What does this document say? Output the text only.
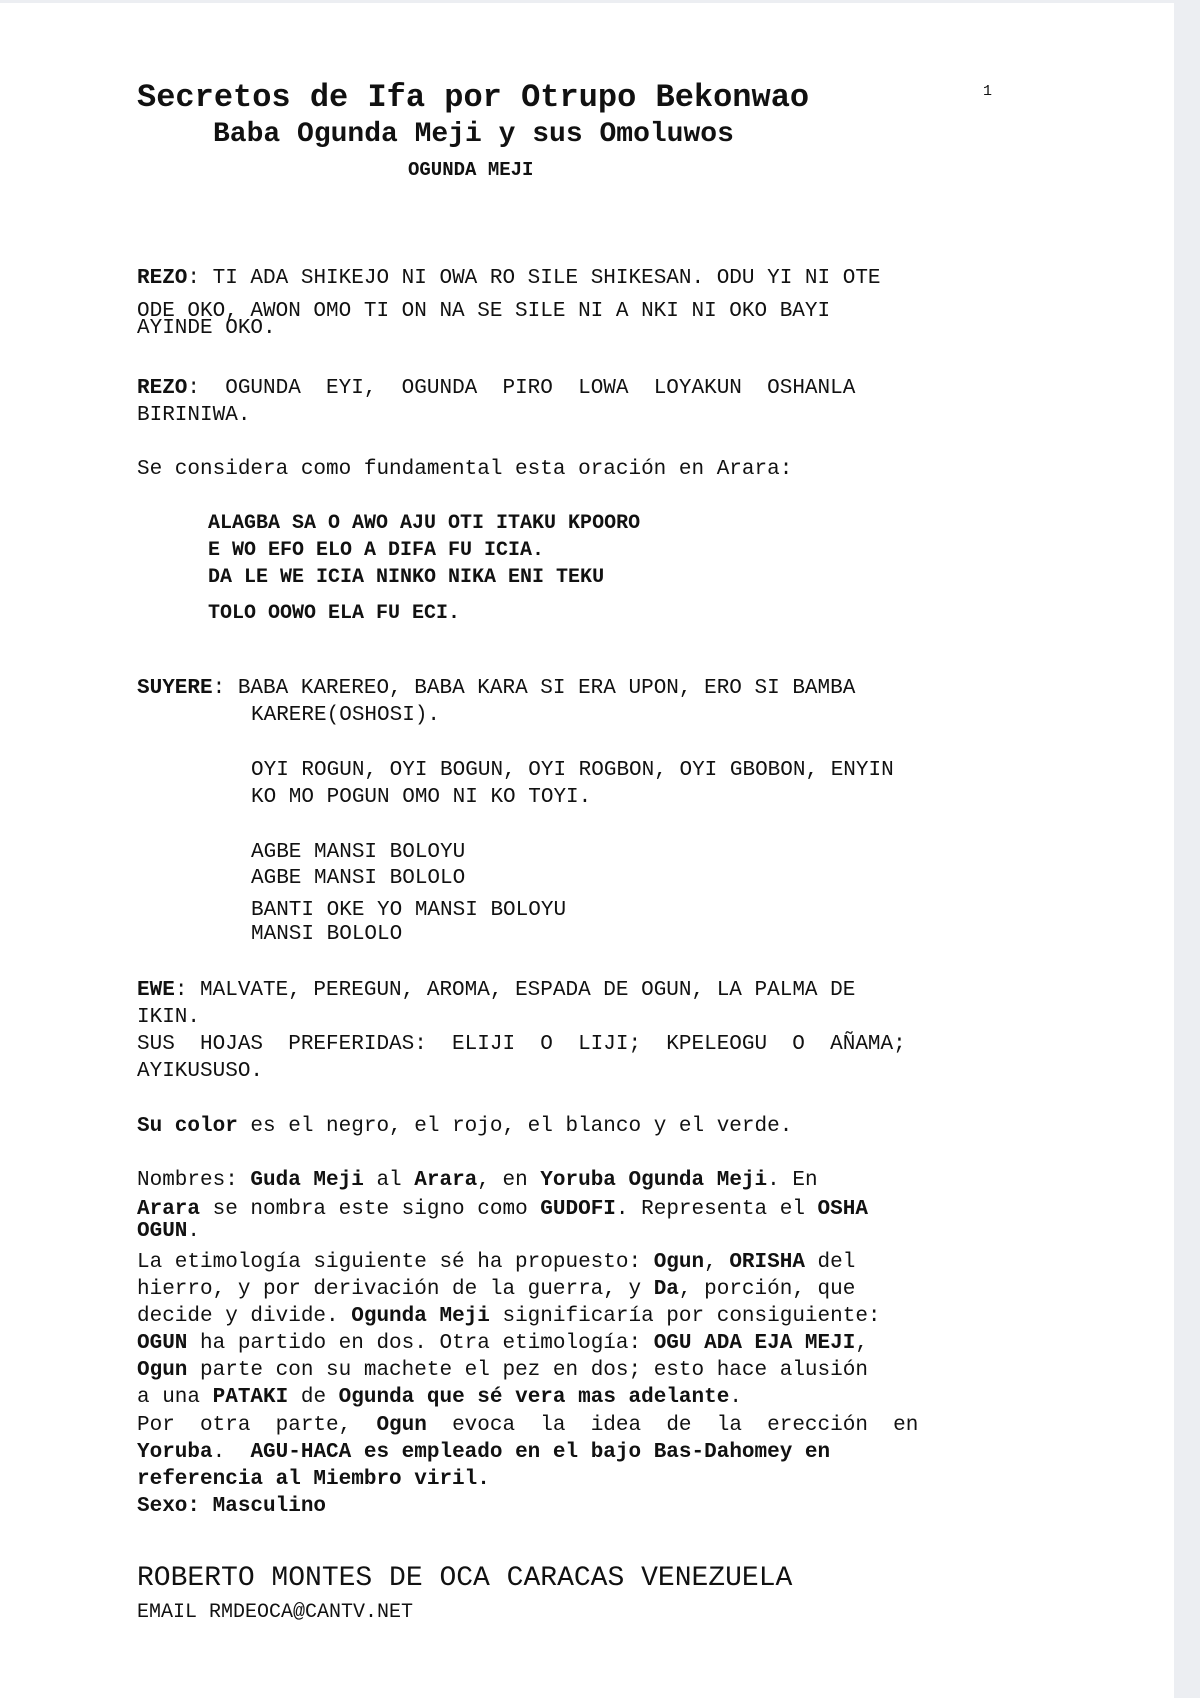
Secretos de Ifa por Otrupo Bekonwao	1
Baba Ogunda Meji y sus Omoluwos
OGUNDA MEJI
REZO: TI ADA SHIKEJO NI OWA RO SILE SHIKESAN. ODU YI NI OTE
ODE OKO, AWON OMO TI ON NA SE SILE NI A NKI NI OKO BAYI
AYINDE OKO.
REZO:  OGUNDA  EYI,  OGUNDA  PIRO  LOWA  LOYAKUN  OSHANLA
BIRINIWA.
Se considera como fundamental esta oración en Arara:
ALAGBA SA O AWO AJU OTI ITAKU KPOORO
E WO EFO ELO A DIFA FU ICIA.
DA LE WE ICIA NINKO NIKA ENI TEKU
TOLO OOWO ELA FU ECI.
SUYERE: BABA KAREREO, BABA KARA SI ERA UPON, ERO SI BAMBA
KARERE(OSHOSI).
OYI ROGUN, OYI BOGUN, OYI ROGBON, OYI GBOBON, ENYIN
KO MO POGUN OMO NI KO TOYI.
AGBE MANSI BOLOYU
AGBE MANSI BOLOLO
BANTI OKE YO MANSI BOLOYU
MANSI BOLOLO
EWE: MALVATE, PEREGUN, AROMA, ESPADA DE OGUN, LA PALMA DE
IKIN.
SUS  HOJAS  PREFERIDAS:  ELIJI  O  LIJI;  KPELEOGU  O  AÑAMA;
AYIKUSUSO.
Su color es el negro, el rojo, el blanco y el verde.
Nombres: Guda Meji al Arara, en Yoruba Ogunda Meji. En
Arara se nombra este signo como GUDOFI. Representa el OSHA
OGUN.
La etimología siguiente sé ha propuesto: Ogun, ORISHA del
hierro, y por derivación de la guerra, y Da, porción, que
decide y divide. Ogunda Meji significaría por consiguiente:
OGUN ha partido en dos. Otra etimología: OGU ADA EJA MEJI,
Ogun parte con su machete el pez en dos; esto hace alusión
a una PATAKI de Ogunda que sé vera mas adelante.
Por  otra  parte,  Ogun  evoca  la  idea  de  la  erección  en
Yoruba.  AGU-HACA es empleado en el bajo Bas-Dahomey en
referencia al Miembro viril.
Sexo: Masculino
ROBERTO MONTES DE OCA CARACAS VENEZUELA
EMAIL RMDEOCA@CANTV.NET
